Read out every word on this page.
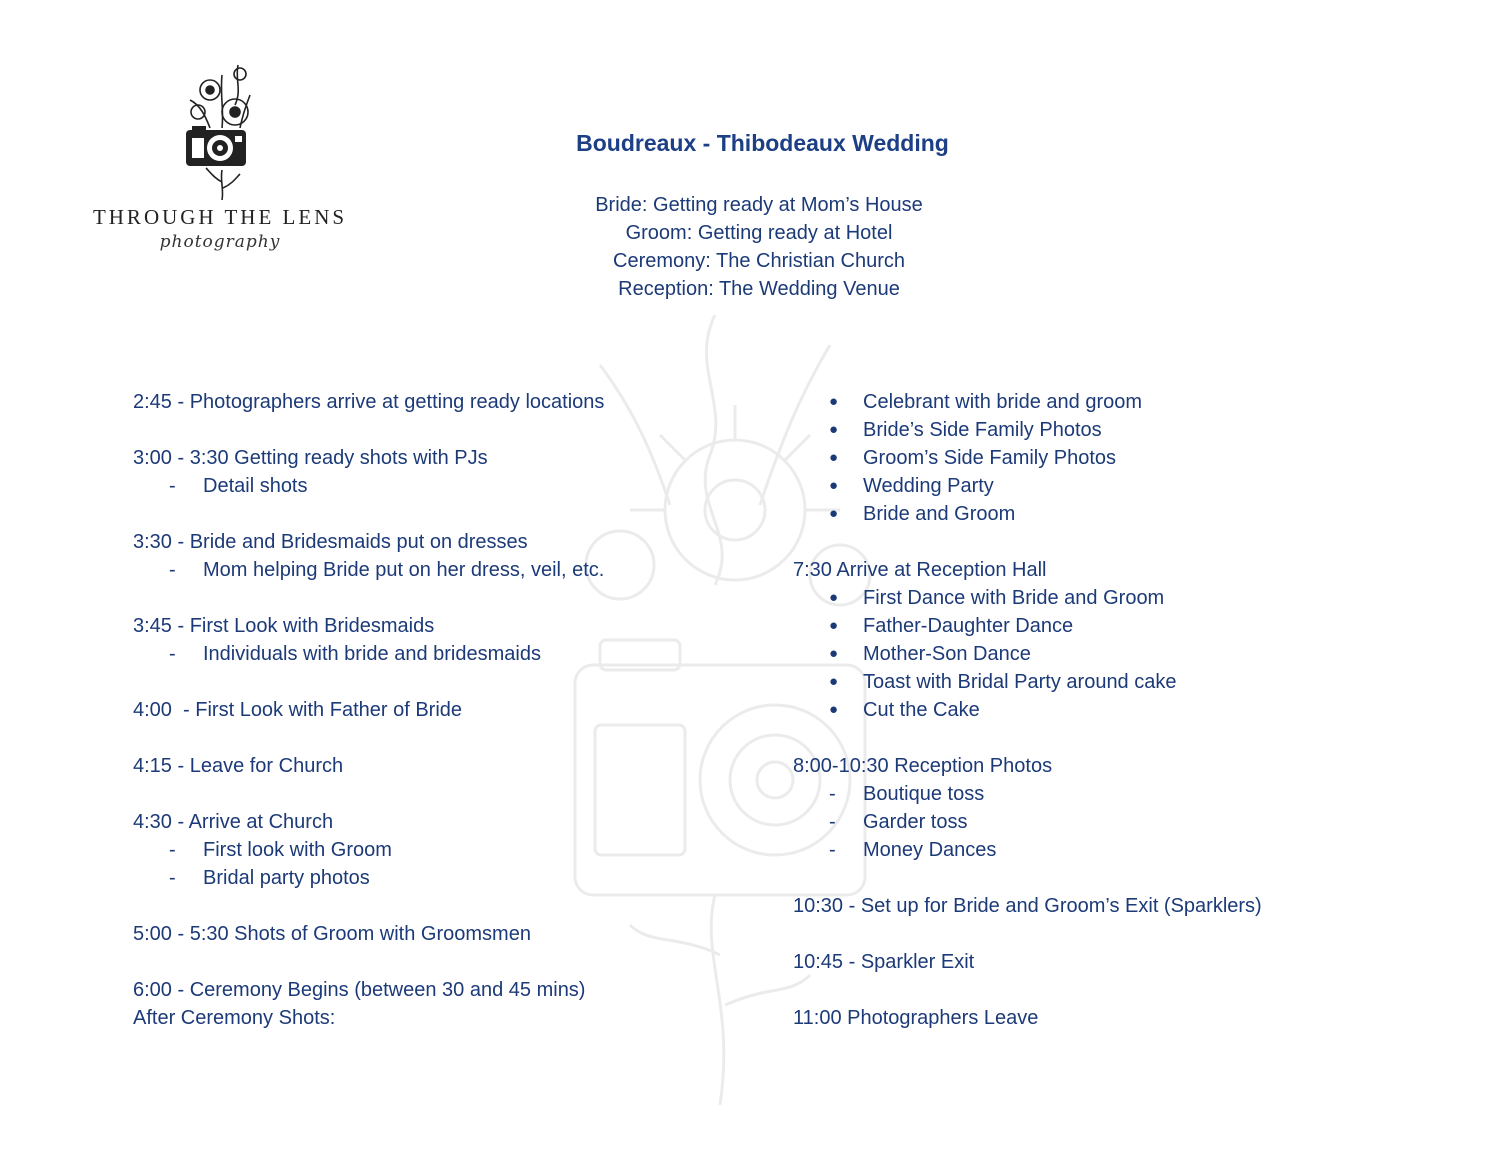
THROUGH THE LENS
photography
Boudreaux - Thibodeaux Wedding
Bride: Getting ready at Mom’s House
Groom: Getting ready at Hotel
Ceremony: The Christian Church
Reception: The Wedding Venue
2:45 - Photographers arrive at getting ready locations
3:00 - 3:30 Getting ready shots with PJs
- Detail shots
3:30 - Bride and Bridesmaids put on dresses
- Mom helping Bride put on her dress, veil, etc.
3:45 - First Look with Bridesmaids
- Individuals with bride and bridesmaids
4:00  - First Look with Father of Bride
4:15 - Leave for Church
4:30 - Arrive at Church
- First look with Groom
- Bridal party photos
5:00 - 5:30 Shots of Groom with Groomsmen
6:00 - Ceremony Begins (between 30 and 45 mins)
After Ceremony Shots:
● Celebrant with bride and groom
● Bride’s Side Family Photos
● Groom’s Side Family Photos
● Wedding Party
● Bride and Groom
7:30 Arrive at Reception Hall
● First Dance with Bride and Groom
● Father-Daughter Dance
● Mother-Son Dance
● Toast with Bridal Party around cake
● Cut the Cake
8:00-10:30 Reception Photos
- Boutique toss
- Garder toss
- Money Dances
10:30 - Set up for Bride and Groom’s Exit (Sparklers)
10:45 - Sparkler Exit
11:00 Photographers Leave
